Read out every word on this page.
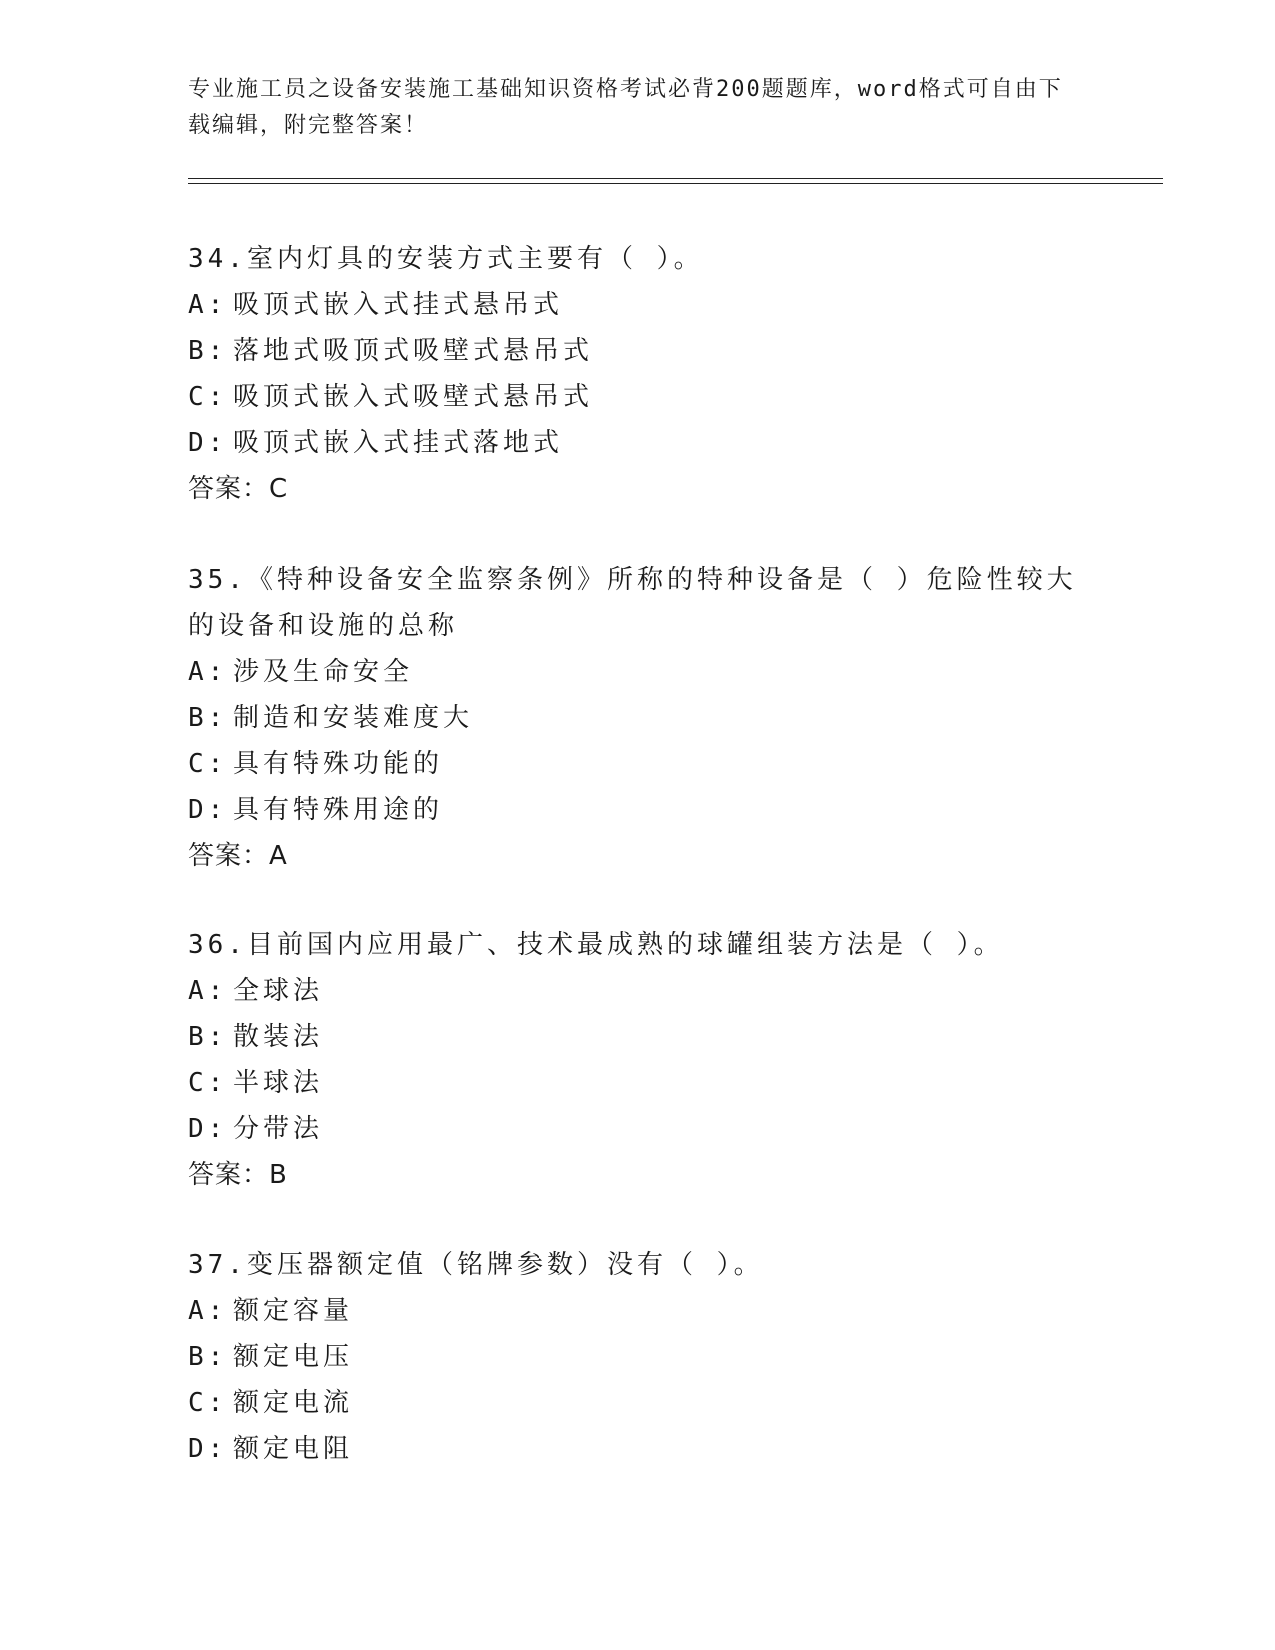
专业施工员之设备安装施工基础知识资格考试必背200题题库，word格式可自由下载编辑，附完整答案！
34.室内灯具的安装方式主要有（ ）。
A: 吸顶式嵌入式挂式悬吊式
B: 落地式吸顶式吸壁式悬吊式
C: 吸顶式嵌入式吸壁式悬吊式
D: 吸顶式嵌入式挂式落地式
答案：C
35.《特种设备安全监察条例》所称的特种设备是（ ）危险性较大的设备和设施的总称
A: 涉及生命安全
B: 制造和安装难度大
C: 具有特殊功能的
D: 具有特殊用途的
答案：A
36.目前国内应用最广、技术最成熟的球罐组装方法是（ ）。
A: 全球法
B: 散装法
C: 半球法
D: 分带法
答案：B
37.变压器额定值（铭牌参数）没有（ ）。
A: 额定容量
B: 额定电压
C: 额定电流
D: 额定电阻
